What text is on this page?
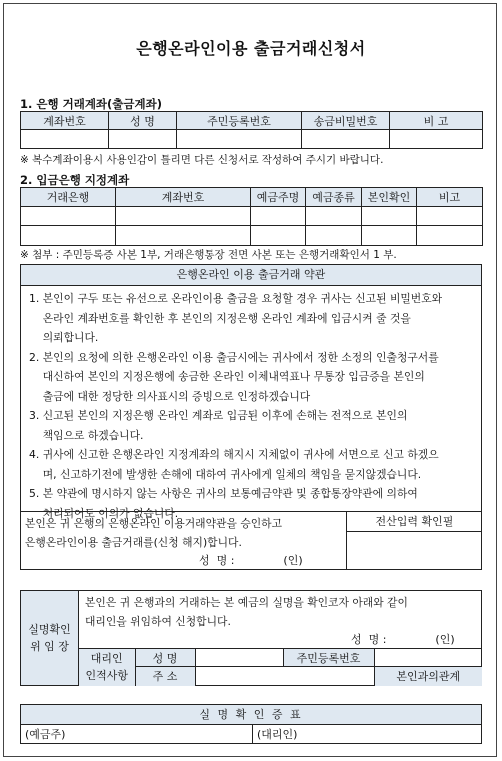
은행온라인이용 출금거래신청서
1. 은행 거래계좌(출금계좌)
계좌번호	성 명	주민등록번호	송금비밀번호	비 고

※ 복수계좌이용시 사용인감이 틀리면 다른 신청서로 작성하여 주시기 바랍니다.
2. 입금은행 지정계좌
거래은행	계좌번호	예금주명	예금종류	본인확인	비고

※ 첨부 : 주민등록증 사본 1부, 거래은행통장 전면 사본 또는 은행거래확인서 1 부.
은행온라인 이용 출금거래 약관
1. 본인이 구두 또는 유선으로 온라인이용 출금을 요청할 경우 귀사는 신고된 비밀번호와
온라인 계좌번호를 확인한 후 본인의 지정은행 온라인 계좌에 입금시켜 줄 것을
의뢰합니다.
2. 본인의 요청에 의한 은행온라인 이용 출금시에는 귀사에서 정한 소정의 인출청구서를
대신하여 본인의 지정은행에 송금한 온라인 이체내역표나 무통장 입금증을 본인의
출금에 대한 정당한 의사표시의 증빙으로 인정하겠습니다
3. 신고된 본인의 지정은행 온라인 계좌로 입금된 이후에 손해는 전적으로 본인의
책임으로 하겠습니다.
4. 귀사에 신고한 은행온라인 지정계좌의 해지시 지체없이 귀사에 서면으로 신고 하겠으
며, 신고하기전에 발생한 손해에 대하여 귀사에게 일체의 책임을 묻지않겠습니다.
5. 본 약관에 명시하지 않는 사항은 귀사의 보통예금약관 및 종합통장약관에 의하여
처리되어도 이의가 없습니다.
본인은 귀 은행의 은행온라인 이용거래약관을 승인하고
은행온라인이용 출금거래를(신청 해지)합니다.
성  명 :              (인)
전산입력 확인필
실명확인
위 임 장
본인은 귀 은행과의 거래하는 본 예금의 실명을 확인코자 아래와 같이
대리인을 위임하여 신청합니다.
성  명 :              (인)
대리인
인적사항	성 명		주민등록번호	
	주 소			본인과의관계
실 명 확 인 증 표
(예금주)	(대리인)
